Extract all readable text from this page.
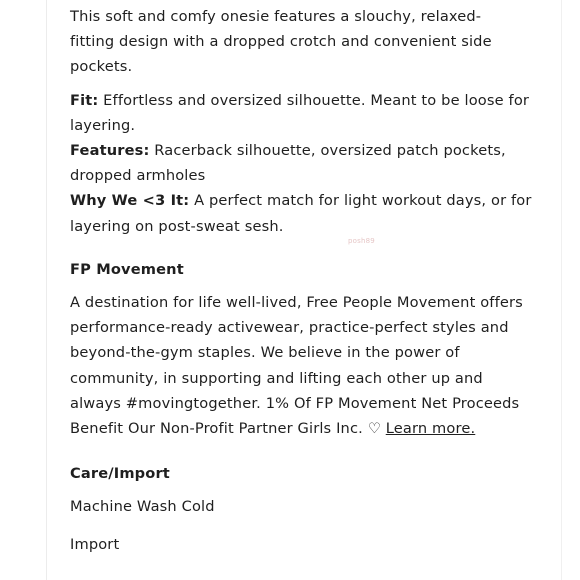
This soft and comfy onesie features a slouchy, relaxed-

fitting design with a dropped crotch and convenient side

pockets.

Fit: Effortless and oversized silhouette. Meant to be loose for

layering.

Features: Racerback silhouette, oversized patch pockets,

dropped armholes

Why We <3 It: A perfect match for light workout days, or for

layering on post-sweat sesh.

FP Movement

A destination for life well-lived, Free People Movement offers

performance-ready activewear, practice-perfect styles and

beyond-the-gym staples. We believe in the power of

community, in supporting and lifting each other up and

always #movingtogether. 1% Of FP Movement Net Proceeds

Benefit Our Non-Profit Partner Girls Inc. ♡ Learn more.

Care/Import

Machine Wash Cold

Import

posh89
